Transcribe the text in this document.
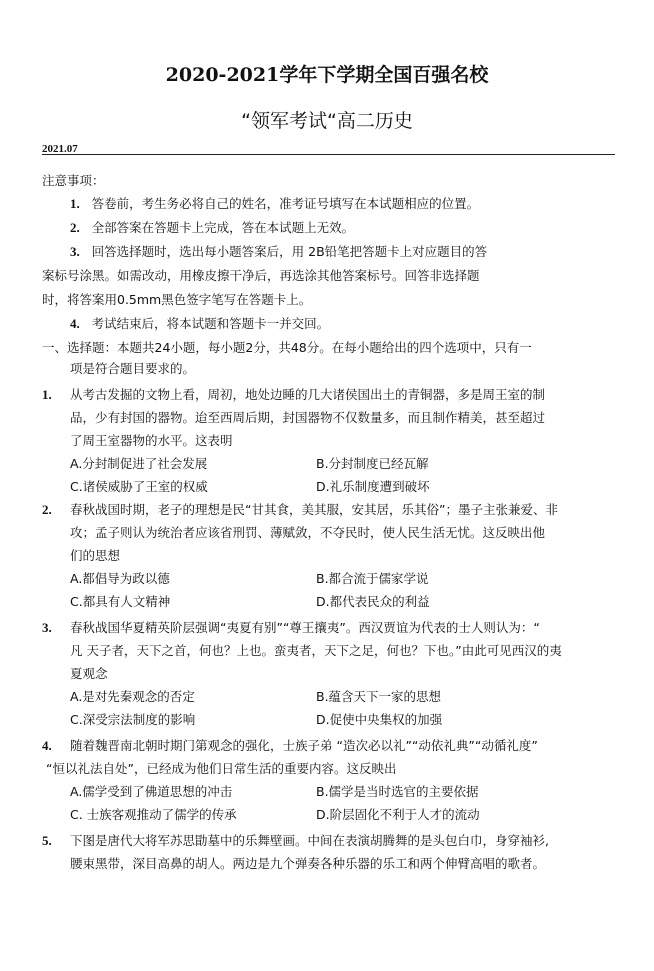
2020-2021学年下学期全国百强名校
“领军考试“高二历史
2021.07
注意事项：
1. 答卷前，考生务必将自己的姓名，准考证号填写在本试题相应的位置。
2. 全部答案在答题卡上完成，答在本试题上无效。
3. 回答选择题时，选出每小题答案后，用 2B铅笔把答题卡上对应题目的答
案标号涂黑。如需改动，用橡皮擦干净后，再选涂其他答案标号。回答非选择题
时，将答案用0.5mm黑色签字笔写在答题卡上。
4. 考试结束后，将本试题和答题卡一并交回。
一、选择题：本题共24小题，每小题2分，共48分。在每小题给出的四个选项中，只有一
项是符合题目要求的。
1. 从考古发掘的文物上看，周初，地处边睡的几大诸侯国出土的青铜器，多是周王室的制
品，少有封国的器物。迨至西周后期，封国器物不仅数量多，而且制作精美，甚至超过
了周王室器物的水平。这表明
A.分封制促进了社会发展	B.分封制度已经瓦解
C.诸侯威胁了王室的权威	D.礼乐制度遭到破坏
2. 春秋战国时期，老子的理想是民“甘其食，美其服，安其居，乐其俗”；墨子主张兼爱、非
攻；孟子则认为统治者应该省刑罚、薄赋敛，不夺民时，使人民生活无忧。这反映出他
们的思想
A.都倡导为政以德	B.都合流于儒家学说
C.都具有人文精神	D.都代表民众的利益
3. 春秋战国华夏精英阶层强调“夷夏有别”“尊王攘夷”。西汉贾谊为代表的士人则认为：“
凡 天子者，天下之首，何也？上也。蛮夷者，天下之足，何也？下也。”由此可见西汉的夷
夏观念
A.是对先秦观念的否定	B.蕴含天下一家的思想
C.深受宗法制度的影响	D.促使中央集权的加强
4. 随着魏晋南北朝时期门第观念的强化，士族子弟 “造次必以礼”“动依礼典”“动循礼度”
“恒以礼法自处”，已经成为他们日常生活的重要内容。这反映出
A.儒学受到了佛道思想的冲击	B.儒学是当时选官的主要依据
C. 士族客观推动了儒学的传承	D.阶层固化不利于人才的流动
5. 下图是唐代大将军苏思勖墓中的乐舞壁画。中间在表演胡腾舞的是头包白巾，身穿袖衫,
腰束黑带，深目高鼻的胡人。两边是九个弹奏各种乐器的乐工和两个伸臂高唱的歌者。
